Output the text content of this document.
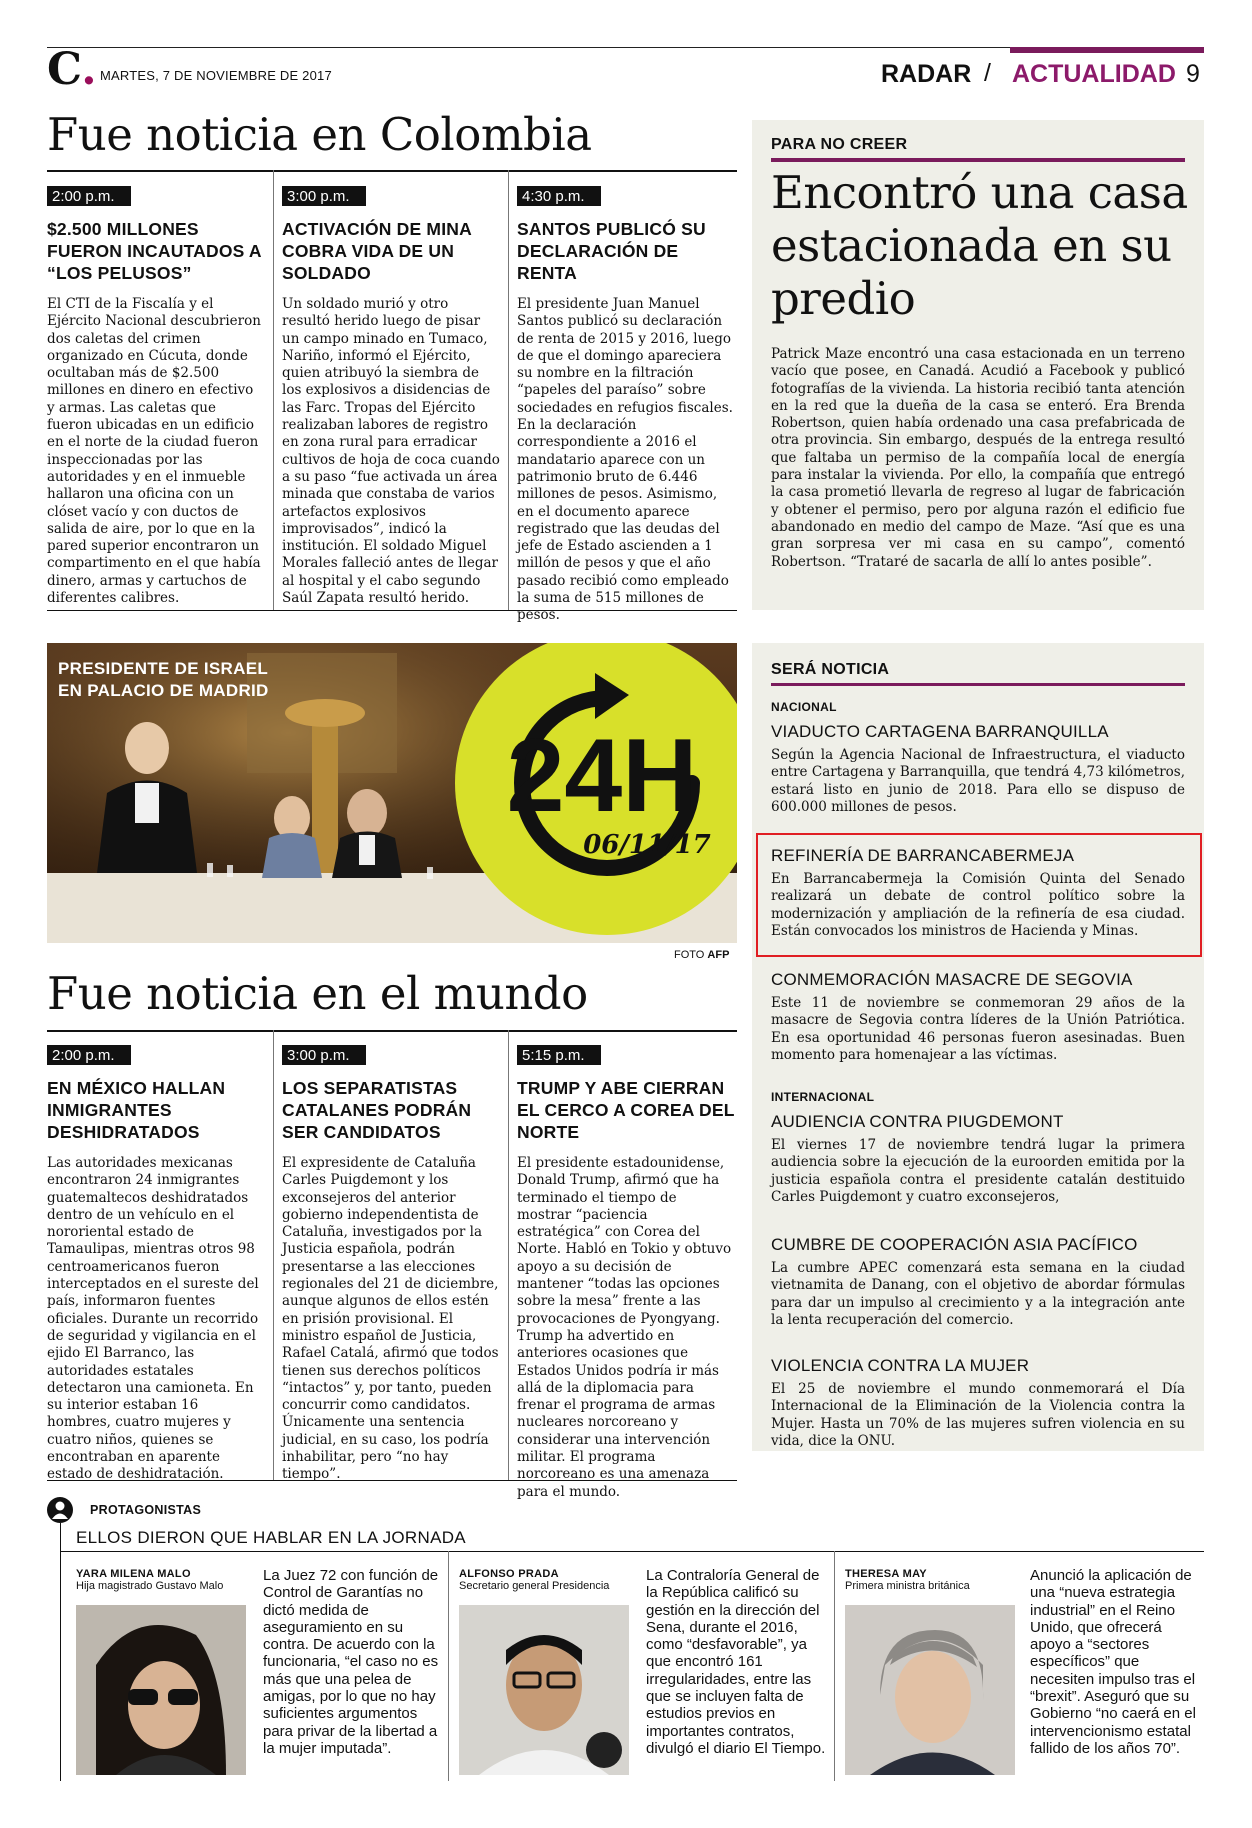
C. MARTES, 7 DE NOVIEMBRE DE 2017	RADAR / ACTUALIDAD 9
Fue noticia en Colombia
2:00 p.m.
$2.500 MILLONES FUERON INCAUTADOS A “LOS PELUSOS”
El CTI de la Fiscalía y el Ejército Nacional descubrieron dos caletas del crimen organizado en Cúcuta, donde ocultaban más de $2.500 millones en dinero en efectivo y armas. Las caletas que fueron ubicadas en un edificio en el norte de la ciudad fueron inspeccionadas por las autoridades y en el inmueble hallaron una oficina con un clóset vacío y con ductos de salida de aire, por lo que en la pared superior encontraron un compartimento en el que había dinero, armas y cartuchos de diferentes calibres.
3:00 p.m.
ACTIVACIÓN DE MINA COBRA VIDA DE UN SOLDADO
Un soldado murió y otro resultó herido luego de pisar un campo minado en Tumaco, Nariño, informó el Ejército, quien atribuyó la siembra de los explosivos a disidencias de las Farc. Tropas del Ejército realizaban labores de registro en zona rural para erradicar cultivos de hoja de coca cuando a su paso “fue activada un área minada que constaba de varios artefactos explosivos improvisados”, indicó la institución. El soldado Miguel Morales falleció antes de llegar al hospital y el cabo segundo Saúl Zapata resultó herido.
4:30 p.m.
SANTOS PUBLICÓ SU DECLARACIÓN DE RENTA
El presidente Juan Manuel Santos publicó su declaración de renta de 2015 y 2016, luego de que el domingo apareciera su nombre en la filtración “papeles del paraíso” sobre sociedades en refugios fiscales. En la declaración correspondiente a 2016 el mandatario aparece con un patrimonio bruto de 6.446 millones de pesos. Asimismo, en el documento aparece registrado que las deudas del jefe de Estado ascienden a 1 millón de pesos y que el año pasado recibió como empleado la suma de 515 millones de pesos.
PARA NO CREER
Encontró una casa estacionada en su predio
Patrick Maze encontró una casa estacionada en un terreno vacío que posee, en Canadá. Acudió a Facebook y publicó fotografías de la vivienda. La historia recibió tanta atención en la red que la dueña de la casa se enteró. Era Brenda Robertson, quien había ordenado una casa prefabricada de otra provincia. Sin embargo, después de la entrega resultó que faltaba un permiso de la compañía local de energía para instalar la vivienda. Por ello, la compañía que entregó la casa prometió llevarla de regreso al lugar de fabricación y obtener el permiso, pero por alguna razón el edificio fue abandonado en medio del campo de Maze. “Así que es una gran sorpresa ver mi casa en su campo”, comentó Robertson. “Trataré de sacarla de allí lo antes posible”.
24H
06/11/17
PRESIDENTE DE ISRAEL
EN PALACIO DE MADRID
FOTO AFP
SERÁ NOTICIA
NACIONAL
VIADUCTO CARTAGENA BARRANQUILLA
Según la Agencia Nacional de Infraestructura, el viaducto entre Cartagena y Barranquilla, que tendrá 4,73 kilómetros, estará listo en junio de 2018. Para ello se dispuso de 600.000 millones de pesos.
REFINERÍA DE BARRANCABERMEJA
En Barrancabermeja la Comisión Quinta del Senado realizará un debate de control político sobre la modernización y ampliación de la refinería de esa ciudad. Están convocados los ministros de Hacienda y Minas.
CONMEMORACIÓN MASACRE DE SEGOVIA
Este 11 de noviembre se conmemoran 29 años de la masacre de Segovia contra líderes de la Unión Patriótica. En esa oportunidad 46 personas fueron asesinadas. Buen momento para homenajear a las víctimas.
INTERNACIONAL
AUDIENCIA CONTRA PIUGDEMONT
El viernes 17 de noviembre tendrá lugar la primera audiencia sobre la ejecución de la euroorden emitida por la justicia española contra el presidente catalán destituido Carles Puigdemont y cuatro exconsejeros,
CUMBRE DE COOPERACIÓN ASIA PACÍFICO
La cumbre APEC comenzará esta semana en la ciudad vietnamita de Danang, con el objetivo de abordar fórmulas para dar un impulso al crecimiento y a la integración ante la lenta recuperación del comercio.
VIOLENCIA CONTRA LA MUJER
El 25 de noviembre el mundo conmemorará el Día Internacional de la Eliminación de la Violencia contra la Mujer. Hasta un 70% de las mujeres sufren violencia en su vida, dice la ONU.
Fue noticia en el mundo
2:00 p.m.
EN MÉXICO HALLAN INMIGRANTES DESHIDRATADOS
Las autoridades mexicanas encontraron 24 inmigrantes guatemaltecos deshidratados dentro de un vehículo en el nororiental estado de Tamaulipas, mientras otros 98 centroamericanos fueron interceptados en el sureste del país, informaron fuentes oficiales. Durante un recorrido de seguridad y vigilancia en el ejido El Barranco, las autoridades estatales detectaron una camioneta. En su interior estaban 16 hombres, cuatro mujeres y cuatro niños, quienes se encontraban en aparente estado de deshidratación.
3:00 p.m.
LOS SEPARATISTAS CATALANES PODRÁN SER CANDIDATOS
El expresidente de Cataluña Carles Puigdemont y los exconsejeros del anterior gobierno independentista de Cataluña, investigados por la Justicia española, podrán presentarse a las elecciones regionales del 21 de diciembre, aunque algunos de ellos estén en prisión provisional. El ministro español de Justicia, Rafael Catalá, afirmó que todos tienen sus derechos políticos “intactos” y, por tanto, pueden concurrir como candidatos. Únicamente una sentencia judicial, en su caso, los podría inhabilitar, pero “no hay tiempo”.
5:15 p.m.
TRUMP Y ABE CIERRAN EL CERCO A COREA DEL NORTE
El presidente estadounidense, Donald Trump, afirmó que ha terminado el tiempo de mostrar “paciencia estratégica” con Corea del Norte. Habló en Tokio y obtuvo apoyo a su decisión de mantener “todas las opciones sobre la mesa” frente a las provocaciones de Pyongyang. Trump ha advertido en anteriores ocasiones que Estados Unidos podría ir más allá de la diplomacia para frenar el programa de armas nucleares norcoreano y considerar una intervención militar. El programa norcoreano es una amenaza para el mundo.
PROTAGONISTAS
ELLOS DIERON QUE HABLAR EN LA JORNADA
YARA MILENA MALO
Hija magistrado Gustavo Malo
La Juez 72 con función de Control de Garantías no dictó medida de aseguramiento en su contra. De acuerdo con la funcionaria, “el caso no es más que una pelea de amigas, por lo que no hay suficientes argumentos para privar de la libertad a la mujer imputada”.
ALFONSO PRADA
Secretario general Presidencia
La Contraloría General de la República calificó su gestión en la dirección del Sena, durante el 2016, como “desfavorable”, ya que encontró 161 irregularidades, entre las que se incluyen falta de estudios previos en importantes contratos, divulgó el diario El Tiempo.
THERESA MAY
Primera ministra británica
Anunció la aplicación de una “nueva estrategia industrial” en el Reino Unido, que ofrecerá apoyo a “sectores específicos” que necesiten impulso tras el “brexit”. Aseguró que su Gobierno “no caerá en el intervencionismo estatal fallido de los años 70”.
